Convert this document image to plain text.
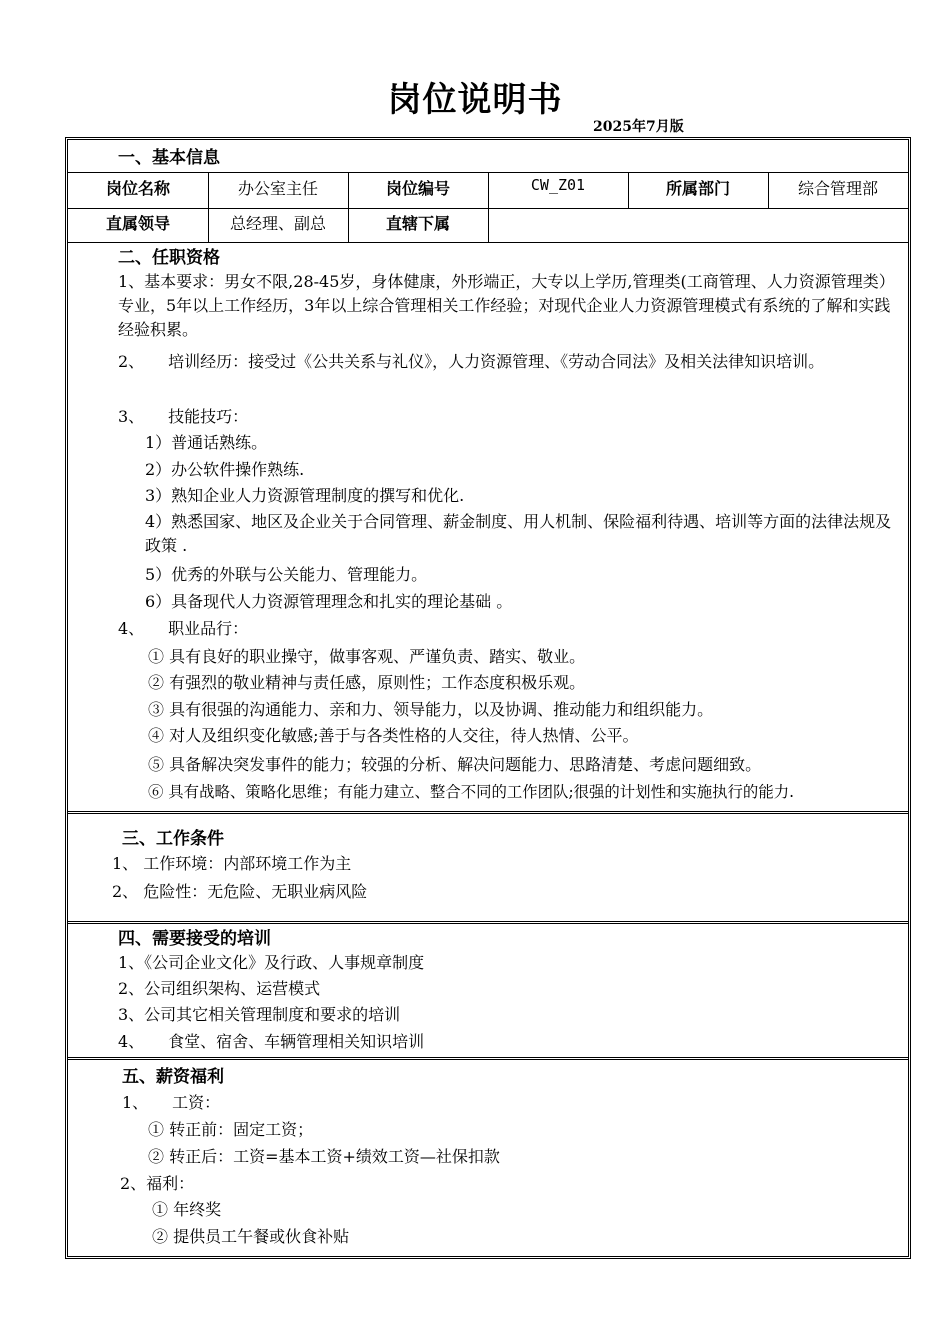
岗位说明书
2025年7月版
一、基本信息
岗位名称	办公室主任	岗位编号	CW_Z01	所属部门	综合管理部
直属领导	总经理、副总	直辖下属
二、任职资格
1、基本要求：男女不限,28-45岁，身体健康，外形端正，大专以上学历,管理类(工商管理、人力资源管理类）专业，5年以上工作经历，3年以上综合管理相关工作经验；对现代企业人力资源管理模式有系统的了解和实践经验积累。
2、　　培训经历：接受过《公共关系与礼仪》，人力资源管理、《劳动合同法》及相关法律知识培训。
3、　　技能技巧：
1）普通话熟练。
2）办公软件操作熟练.
3）熟知企业人力资源管理制度的撰写和优化.
4）熟悉国家、地区及企业关于合同管理、薪金制度、用人机制、保险福利待遇、培训等方面的法律法规及政策 .
5）优秀的外联与公关能力、管理能力。
6）具备现代人力资源管理理念和扎实的理论基础 。
4、　　职业品行：
① 具有良好的职业操守，做事客观、严谨负责、踏实、敬业。
② 有强烈的敬业精神与责任感，原则性；工作态度积极乐观。
③ 具有很强的沟通能力、亲和力、领导能力，以及协调、推动能力和组织能力。
④ 对人及组织变化敏感;善于与各类性格的人交往，待人热情、公平。
⑤ 具备解决突发事件的能力；较强的分析、解决问题能力、思路清楚、考虑问题细致。
⑥ 具有战略、策略化思维；有能力建立、整合不同的工作团队;很强的计划性和实施执行的能力.
三、工作条件
1、 工作环境：内部环境工作为主
2、 危险性：无危险、无职业病风险
四、需要接受的培训
1、《公司企业文化》及行政、人事规章制度
2、公司组织架构、运营模式
3、公司其它相关管理制度和要求的培训
4、　　食堂、宿舍、车辆管理相关知识培训
五、薪资福利
1、　　工资：
① 转正前：固定工资；
② 转正后：工资=基本工资+绩效工资—社保扣款
2、福利：
① 年终奖
② 提供员工午餐或伙食补贴
